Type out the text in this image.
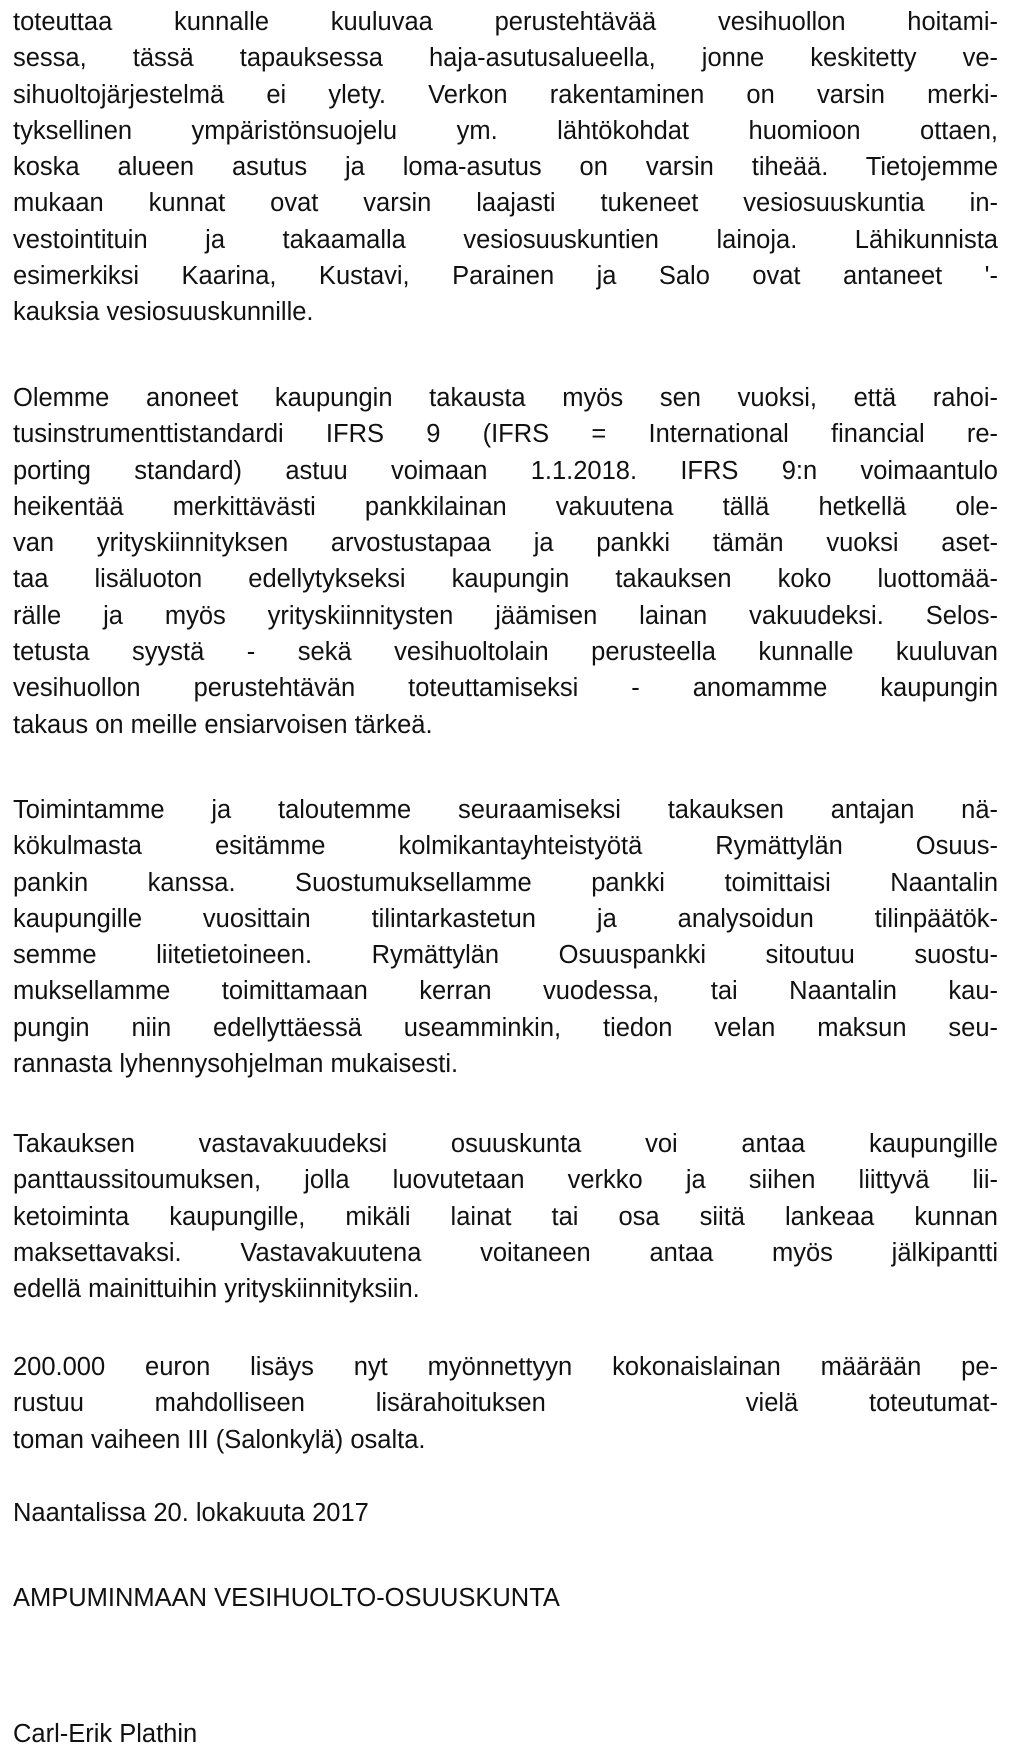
toteuttaa kunnalle kuuluvaa perustehtävää vesihuollon hoitami-
sessa, tässä tapauksessa haja-asutusalueella, jonne keskitetty ve-
sihuoltojärjestelmä ei ylety. Verkon rakentaminen on varsin merki-
tyksellinen ympäristönsuojelu ym. lähtökohdat huomioon ottaen,
koska alueen asutus ja loma-asutus on varsin tiheää. Tietojemme
mukaan kunnat ovat varsin laajasti tukeneet vesiosuuskuntia in-
vestointituin ja takaamalla vesiosuuskuntien lainoja. Lähikunnista
esimerkiksi Kaarina, Kustavi, Parainen ja Salo ovat antaneet '-
kauksia vesiosuuskunnille.
Olemme anoneet kaupungin takausta myös sen vuoksi, että rahoi-
tusinstrumenttistandardi IFRS 9 (IFRS = International financial re-
porting standard) astuu voimaan 1.1.2018. IFRS 9:n voimaantulo
heikentää merkittävästi pankkilainan vakuutena tällä hetkellä ole-
van yrityskiinnityksen arvostustapaa ja pankki tämän vuoksi aset-
taa lisäluoton edellytykseksi kaupungin takauksen koko luottomää-
rälle ja myös yrityskiinnitysten jäämisen lainan vakuudeksi. Selos-
tetusta syystä - sekä vesihuoltolain perusteella kunnalle kuuluvan
vesihuollon perustehtävän toteuttamiseksi - anomamme kaupungin
takaus on meille ensiarvoisen tärkeä.
Toimintamme ja taloutemme seuraamiseksi takauksen antajan nä-
kökulmasta esitämme kolmikantayhteistyötä Rymättylän Osuus-
pankin kanssa. Suostumuksellamme pankki toimittaisi Naantalin
kaupungille vuosittain tilintarkastetun ja analysoidun tilinpäätök-
semme liitetietoineen. Rymättylän Osuuspankki sitoutuu suostu-
muksellamme toimittamaan kerran vuodessa, tai Naantalin kau-
pungin niin edellyttäessä useamminkin, tiedon velan maksun seu-
rannasta lyhennysohjelman mukaisesti.
Takauksen vastavakuudeksi osuuskunta voi antaa kaupungille
panttaussitoumuksen, jolla luovutetaan verkko ja siihen liittyvä lii-
ketoiminta kaupungille, mikäli lainat tai osa siitä lankeaa kunnan
maksettavaksi. Vastavakuutena voitaneen antaa myös jälkipantti
edellä mainittuihin yrityskiinnityksiin.
200.000 euron lisäys nyt myönnettyyn kokonaislainan määrään pe-
rustuu mahdolliseen lisärahoituksen	vielä toteutumat-
toman vaiheen III (Salonkylä) osalta.

Naantalissa 20. lokakuuta 2017

AMPUMINMAAN VESIHUOLTO-OSUUSKUNTA

Carl-Erik Plathin
